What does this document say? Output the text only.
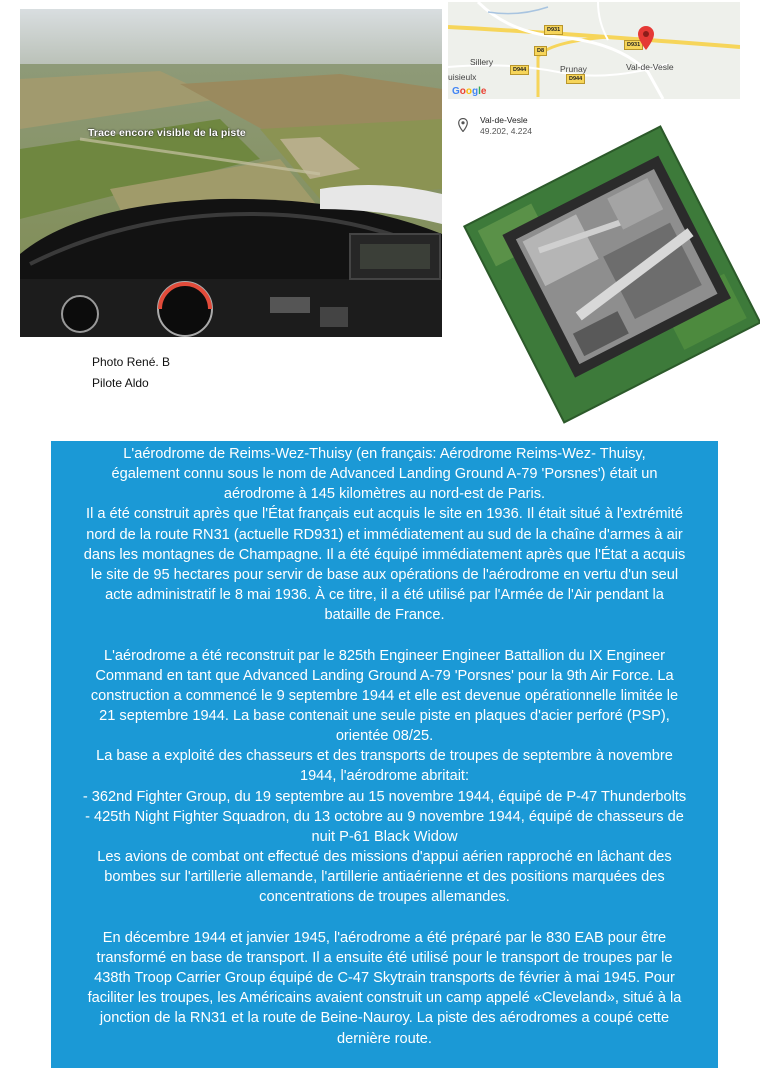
Trace encore visible de la piste
D931
D931
D8
D944
D944
Sillery
uisieulx
Prunay	Val-de-Vesle
Google
Val-de-Vesle
49.202, 4.224
Photo René. B
Pilote Aldo

L'aérodrome de Reims-Wez-Thuisy (en français: Aérodrome Reims-Wez- Thuisy,

également connu sous le nom de Advanced Landing Ground A-79 'Porsnes') était un

aérodrome à 145 kilomètres au nord-est de Paris.

Il a été construit après que l'État français eut acquis le site en 1936. Il était situé à l'extrémité

nord de la route RN31 (actuelle RD931) et immédiatement au sud de la chaîne d'armes à air

dans les montagnes de Champagne. Il a été équipé immédiatement après que l'État a acquis

le site de 95 hectares pour servir de base aux opérations de l'aérodrome en vertu d'un seul

acte administratif le 8 mai 1936. À ce titre, il a été utilisé par l'Armée de l'Air pendant la

bataille de France.

L'aérodrome a été reconstruit par le 825th Engineer Engineer Battallion du IX Engineer

Command en tant que Advanced Landing Ground A-79 'Porsnes' pour la 9th Air Force. La

construction a commencé le 9 septembre 1944 et elle est devenue opérationnelle limitée le

21 septembre 1944. La base contenait une seule piste en plaques d'acier perforé (PSP),

orientée 08/25.

La base a exploité des chasseurs et des transports de troupes de septembre à novembre

1944, l'aérodrome abritait:

- 362nd Fighter Group, du 19 septembre au 15 novembre 1944, équipé de P-47 Thunderbolts

- 425th Night Fighter Squadron, du 13 octobre au 9 novembre 1944, équipé de chasseurs de

nuit P-61 Black Widow

Les avions de combat ont effectué des missions d'appui aérien rapproché en lâchant des

bombes sur l'artillerie allemande, l'artillerie antiaérienne et des positions marquées des

concentrations de troupes allemandes.

En décembre 1944 et janvier 1945, l'aérodrome a été préparé par le 830 EAB pour être

transformé en base de transport. Il a ensuite été utilisé pour le transport de troupes par le

438th Troop Carrier Group équipé de C-47 Skytrain transports de février à mai 1945. Pour

faciliter les troupes, les Américains avaient construit un camp appelé «Cleveland», situé à la

jonction de la RN31 et la route de Beine-Nauroy. La piste des aérodromes a coupé cette

dernière route.
